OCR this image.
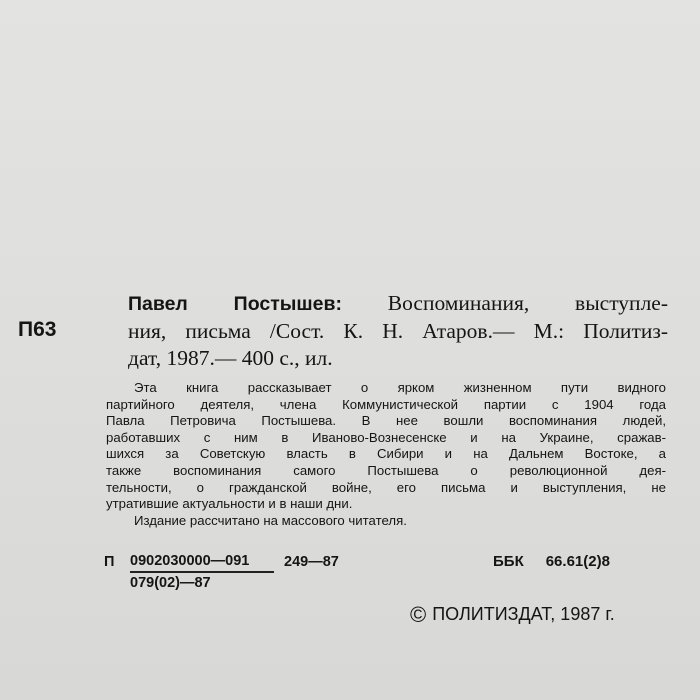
П63
Павел Постышев: Воспоминания, выступле-
ния, письма /Сост. К. Н. Атаров.— М.: Политиз-
дат, 1987.— 400 с., ил.
Эта книга рассказывает о ярком жизненном пути видного
партийного деятеля, члена Коммунистической партии с 1904 года
Павла Петровича Постышева. В нее вошли воспоминания людей,
работавших с ним в Иваново-Вознесенске и на Украине, сражав-
шихся за Советскую власть в Сибири и на Дальнем Востоке, а
также воспоминания самого Постышева о революционной дея-
тельности, о гражданской войне, его письма и выступления, не
утратившие актуальности и в наши дни.
Издание рассчитано на массового читателя.
П 0902030000—091
079(02)—87
249—87	ББК 66.61(2)8
© ПОЛИТИЗДАТ, 1987 г.
